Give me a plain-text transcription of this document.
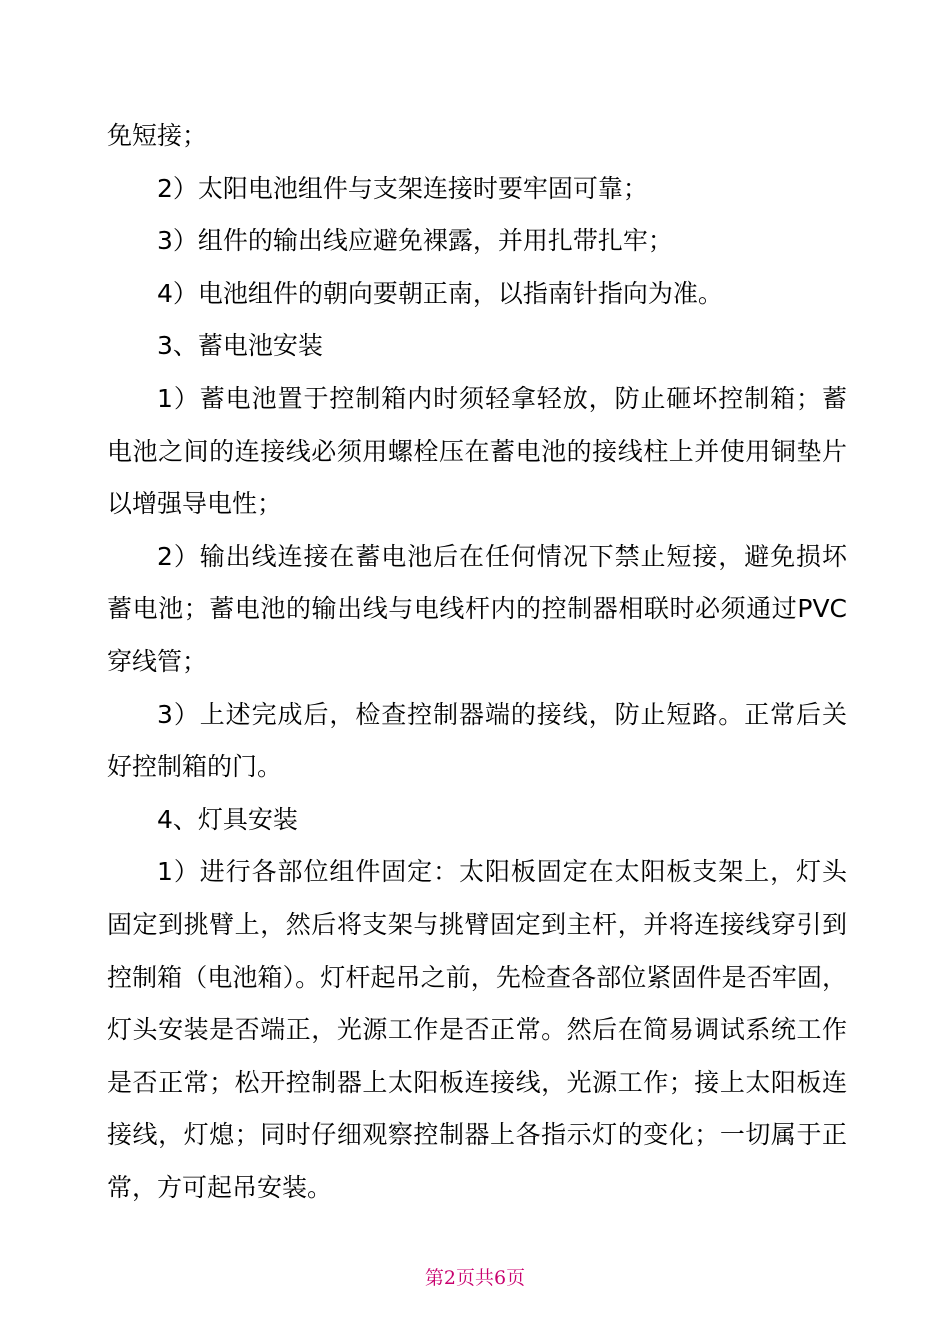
免短接；

2）太阳电池组件与支架连接时要牢固可靠；

3）组件的输出线应避免裸露，并用扎带扎牢；

4）电池组件的朝向要朝正南，以指南针指向为准。

3、蓄电池安装

1）蓄电池置于控制箱内时须轻拿轻放，防止砸坏控制箱；蓄电池之间的连接线必须用螺栓压在蓄电池的接线柱上并使用铜垫片以增强导电性；

2）输出线连接在蓄电池后在任何情况下禁止短接，避免损坏蓄电池；蓄电池的输出线与电线杆内的控制器相联时必须通过PVC穿线管；

3）上述完成后，检查控制器端的接线，防止短路。正常后关好控制箱的门。

4、灯具安装

1）进行各部位组件固定：太阳板固定在太阳板支架上，灯头固定到挑臂上，然后将支架与挑臂固定到主杆，并将连接线穿引到控制箱（电池箱）。灯杆起吊之前，先检查各部位紧固件是否牢固，灯头安装是否端正，光源工作是否正常。然后在简易调试系统工作是否正常；松开控制器上太阳板连接线，光源工作；接上太阳板连接线，灯熄；同时仔细观察控制器上各指示灯的变化；一切属于正常，方可起吊安装。

第2页共6页
